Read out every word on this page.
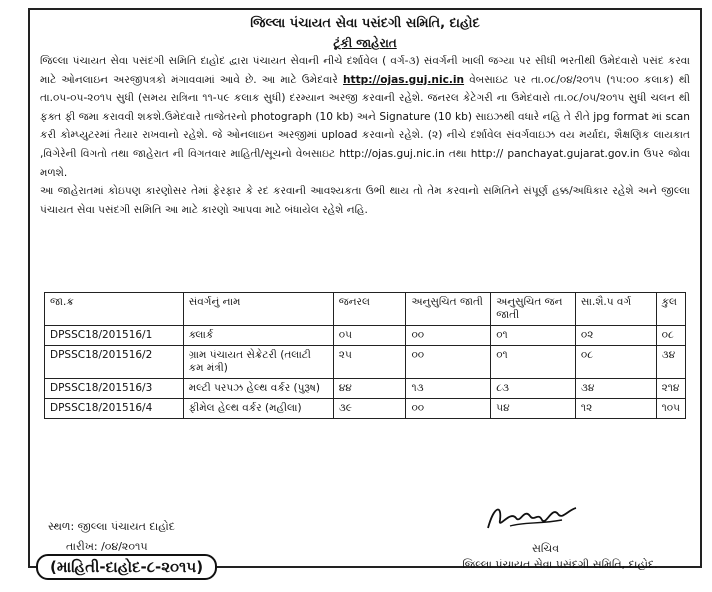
જિલ્લા પંચાયત સેવા પસંદગી સમિતિ, દાહોદ
ટૂંકી જાહેરાત

જિલ્લા પંચાયત સેવા પસંદગી સમિતિ દાહોદ દ્વારા પંચાયત સેવાની નીચે દર્શાવેલ ( વર્ગ-૩) સંવર્ગની ખાલી જગ્યા પર સીધી ભરતીથી ઉમેદવારો પસંદ કરવા માટે ઓનલાઇન અરજીપત્રકો મંગાવવામાં આવે છે. આ માટે ઉમેદવારે http://ojas.guj.nic.in વેબસાઇટ પર તા.૦૮/૦૪/૨૦૧૫ (૧૫:૦૦ કલાક) થી તા.૦૫-૦૫-૨૦૧૫ સુધી (સમય રાત્રિના ૧૧-૫૯ કલાક સુધી) દરમ્યાન અરજી કરવાની રહેશે. જનરલ કેટેગરી ના ઉમેદવારો તા.૦૮/૦૫/૨૦૧૫ સુધી ચલન થી ફક્ત ફી જમા કરાવવી શકશે.ઉમેદવારે તાજેતરનો photograph (10 kb) અને Signature (10 kb) સાઇઝથી વધારે નહિ તે રીતે jpg format માં scan કરી કોમ્પ્યુટરમાં તૈયાર રાખવાનો રહેશે. જે ઓનલાઇન અરજીમાં upload કરવાનો રહેશે. (૨) નીચે દર્શાવેલ સંવર્ગવાઇઝ વય મર્યાદા, શૈક્ષણિક લાયકાત ,વિગેરેની વિગતો તથા જાહેરાત ની વિગતવાર માહિતી/સૂચનો વેબસાઇટ http://ojas.guj.nic.in તથા http:// panchayat.gujarat.gov.in ઉપર જોવા મળશે.

આ જાહેરાતમાં કોઇપણ કારણોસર તેમાં ફેરફાર કે રદ કરવાની આવશ્યકતા ઉભી થાય તો તેમ કરવાનો સમિતિને સંપૂર્ણ હક્ક/અધિકાર રહેશે અને જીલ્લા પંચાયત સેવા પસંદગી સમિતિ આ માટે કારણો આપવા માટે બંધાયેલ રહેશે નહિ.

જા.ક્ર	સંવર્ગનું નામ	જનરલ	અનુસુચિત જાતી	અનુસુચિત જન જાતી	સા.શૈ.પ વર્ગ	કુલ
DPSSC18/201516/1	ક્લાર્ક	૦૫	૦૦	૦૧	૦૨	૦૮
DPSSC18/201516/2	ગ્રામ પંચાયત સેક્રેટરી (તલાટી કમ મંત્રી)	૨૫	૦૦	૦૧	૦૮	૩૪
DPSSC18/201516/3	મલ્ટી પરપઝ હેલ્થ વર્કર (પુરૂષ)	૪૪	૧૩	૮૩	૩૪	૨૧૪
DPSSC18/201516/4	ફીમેલ હેલ્થ વર્કર (મહીલા)	૩૯	૦૦	૫૪	૧૨	૧૦૫
સ્થળ: જીલ્લા પંચાયત દાહોદ
તારીખ: /૦૪/૨૦૧૫	સચિવ
જિલ્લા પંચાયત સેવા પસંદગી સમિતિ, દાહોદ.
(માહિતી-દાહોદ-૮-૨૦૧૫)
